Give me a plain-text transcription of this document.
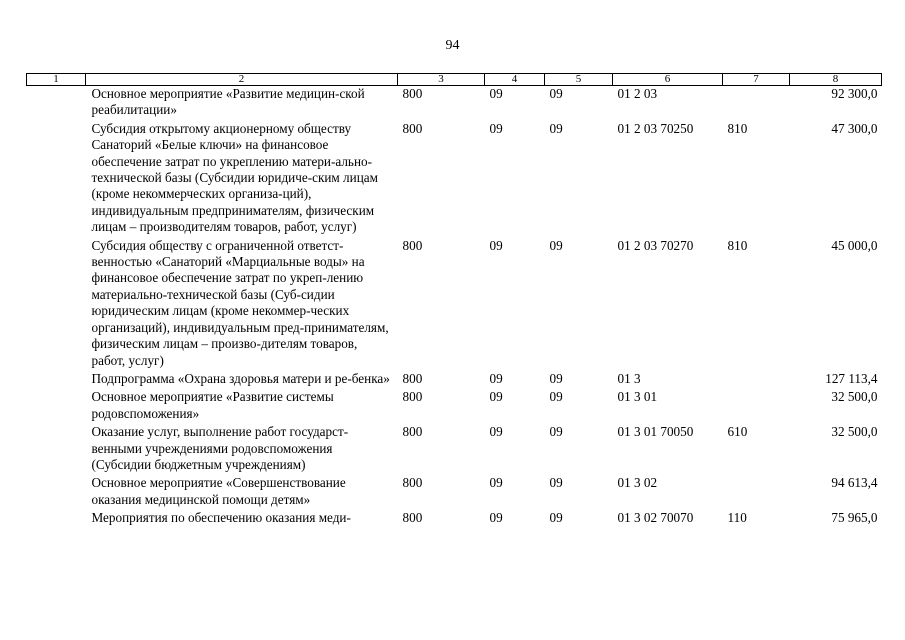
94
1	2	3	4	5	6	7	8
	Основное мероприятие «Развитие медицин-ской реабилитации»	800	09	09	01 2 03		92 300,0
	Субсидия открытому акционерному обществу Санаторий «Белые ключи» на финансовое обеспечение затрат по укреплению матери-ально-технической базы (Субсидии юридиче-ским лицам (кроме некоммерческих организа-ций), индивидуальным предпринимателям, физическим лицам – производителям товаров, работ, услуг)	800	09	09	01 2 03 70250	810	47 300,0
	Субсидия обществу с ограниченной ответст-венностью «Санаторий «Марциальные воды» на финансовое обеспечение затрат по укреп-лению материально-технической базы (Суб-сидии юридическим лицам (кроме некоммер-ческих организаций), индивидуальным пред-принимателям, физическим лицам – произво-дителям товаров, работ, услуг)	800	09	09	01 2 03 70270	810	45 000,0
	Подпрограмма «Охрана здоровья матери и ре-бенка»	800	09	09	01 3		127 113,4
	Основное мероприятие «Развитие системы родовспоможения»	800	09	09	01 3 01		32 500,0
	Оказание услуг, выполнение работ государст-венными учреждениями родовспоможения (Субсидии бюджетным учреждениям)	800	09	09	01 3 01 70050	610	32 500,0
	Основное мероприятие «Совершенствование оказания медицинской помощи детям»	800	09	09	01 3 02		94 613,4
	Мероприятия по обеспечению оказания меди-	800	09	09	01 3 02 70070	110	75 965,0
